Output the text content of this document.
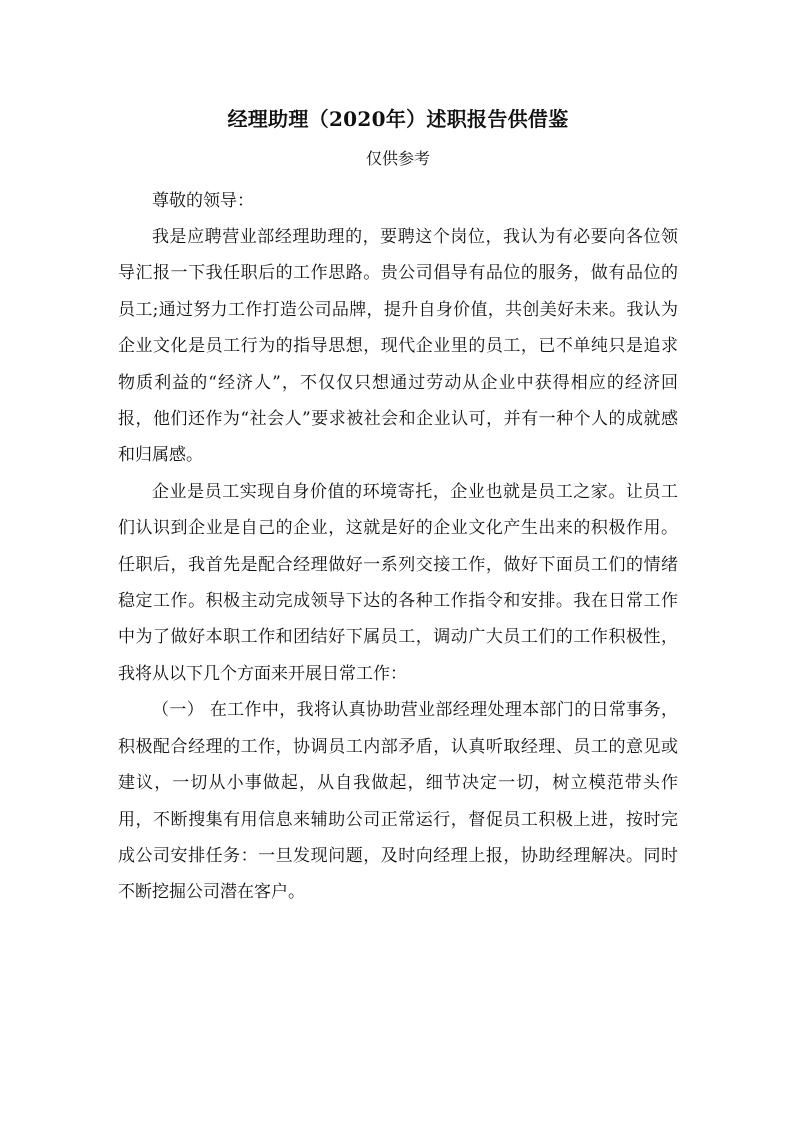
经理助理（2020年）述职报告供借鉴

仅供参考

尊敬的领导：

我是应聘营业部经理助理的，要聘这个岗位，我认为有必要向各位领导汇报一下我任职后的工作思路。贵公司倡导有品位的服务，做有品位的员工;通过努力工作打造公司品牌，提升自身价值，共创美好未来。我认为企业文化是员工行为的指导思想，现代企业里的员工，已不单纯只是追求物质利益的“经济人”，不仅仅只想通过劳动从企业中获得相应的经济回报，他们还作为“社会人”要求被社会和企业认可，并有一种个人的成就感和归属感。

企业是员工实现自身价值的环境寄托，企业也就是员工之家。让员工们认识到企业是自己的企业，这就是好的企业文化产生出来的积极作用。任职后，我首先是配合经理做好一系列交接工作，做好下面员工们的情绪稳定工作。积极主动完成领导下达的各种工作指令和安排。我在日常工作中为了做好本职工作和团结好下属员工，调动广大员工们的工作积极性，我将从以下几个方面来开展日常工作：

（一） 在工作中，我将认真协助营业部经理处理本部门的日常事务，积极配合经理的工作，协调员工内部矛盾，认真听取经理、员工的意见或建议，一切从小事做起，从自我做起，细节决定一切，树立模范带头作用，不断搜集有用信息来辅助公司正常运行，督促员工积极上进，按时完成公司安排任务：一旦发现问题，及时向经理上报，协助经理解决。同时不断挖掘公司潜在客户。
